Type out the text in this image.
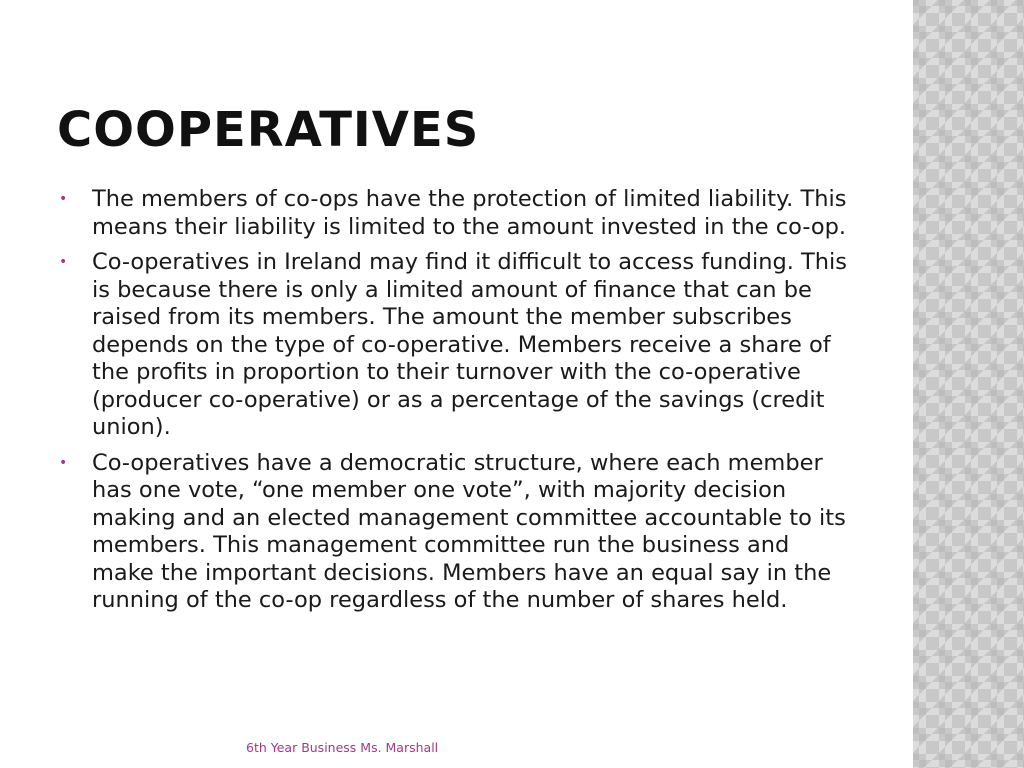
COOPERATIVES
• The members of co-ops have the protection of limited liability. This means their liability is limited to the amount invested in the co-op.
• Co-operatives in Ireland may find it difficult to access funding. This is because there is only a limited amount of finance that can be raised from its members. The amount the member subscribes depends on the type of co-operative. Members receive a share of the profits in proportion to their turnover with the co-operative (producer co-operative) or as a percentage of the savings (credit union).
• Co-operatives have a democratic structure, where each member has one vote, “one member one vote”, with majority decision making and an elected management committee accountable to its members. This management committee run the business and make the important decisions. Members have an equal say in the running of the co-op regardless of the number of shares held.
6th Year Business Ms. Marshall
